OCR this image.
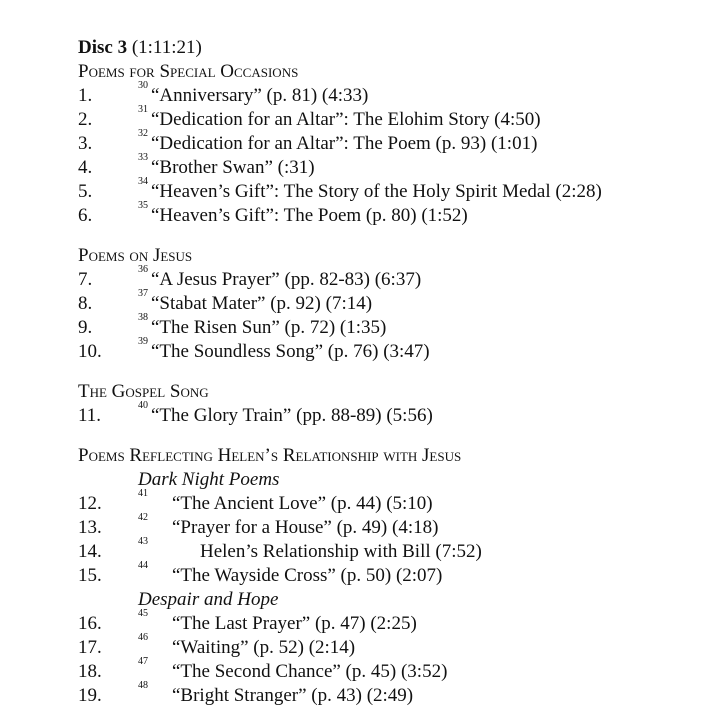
Disc 3 (1:11:21)
Poems for Special Occasions
1.	30 “Anniversary” (p. 81) (4:33)
2.	31 “Dedication for an Altar”: The Elohim Story (4:50)
3.	32 “Dedication for an Altar”: The Poem (p. 93) (1:01)
4.	33 “Brother Swan” (:31)
5.	34 “Heaven’s Gift”: The Story of the Holy Spirit Medal (2:28)
6.	35 “Heaven’s Gift”: The Poem (p. 80) (1:52)
Poems on Jesus
7.	36 “A Jesus Prayer” (pp. 82-83) (6:37)
8.	37 “Stabat Mater” (p. 92) (7:14)
9.	38 “The Risen Sun” (p. 72) (1:35)
10.	39 “The Soundless Song” (p. 76) (3:47)
The Gospel Song
11.	40 “The Glory Train” (pp. 88-89) (5:56)
Poems Reflecting Helen’s Relationship with Jesus
Dark Night Poems
12.	41 “The Ancient Love” (p. 44) (5:10)
13.	42 “Prayer for a House” (p. 49) (4:18)
14.	43	Helen’s Relationship with Bill (7:52)
15.	44 “The Wayside Cross” (p. 50) (2:07)
Despair and Hope
16.	45 “The Last Prayer” (p. 47) (2:25)
17.	46 “Waiting” (p. 52) (2:14)
18.	47 “The Second Chance” (p. 45) (3:52)
19.	48 “Bright Stranger” (p. 43) (2:49)
